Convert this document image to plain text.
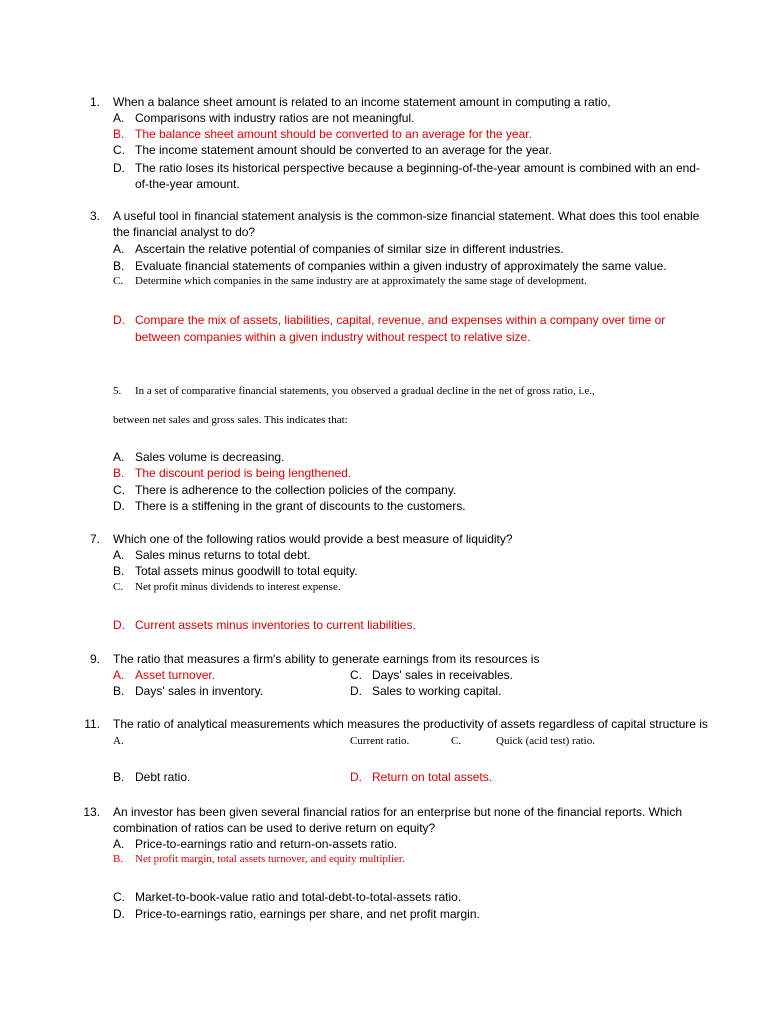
1. When a balance sheet amount is related to an income statement amount in computing a ratio,
A. Comparisons with industry ratios are not meaningful.
B. The balance sheet amount should be converted to an average for the year.
C. The income statement amount should be converted to an average for the year.
D. The ratio loses its historical perspective because a beginning-of-the-year amount is combined with an end-
of-the-year amount.
3. A useful tool in financial statement analysis is the common-size financial statement. What does this tool enable
the financial analyst to do?
A. Ascertain the relative potential of companies of similar size in different industries.
B. Evaluate financial statements of companies within a given industry of approximately the same value.
C. Determine which companies in the same industry are at approximately the same stage of development.
D. Compare the mix of assets, liabilities, capital, revenue, and expenses within a company over time or
between companies within a given industry without respect to relative size.
5. In a set of comparative financial statements, you observed a gradual decline in the net of gross ratio, i.e.,
between net sales and gross sales. This indicates that:
A. Sales volume is decreasing.
B. The discount period is being lengthened.
C. There is adherence to the collection policies of the company.
D. There is a stiffening in the grant of discounts to the customers.
7. Which one of the following ratios would provide a best measure of liquidity?
A. Sales minus returns to total debt.
B. Total assets minus goodwill to total equity.
C. Net profit minus dividends to interest expense.
D. Current assets minus inventories to current liabilities.
9. The ratio that measures a firm's ability to generate earnings from its resources is
A. Asset turnover.	C. Days' sales in receivables.
B. Days' sales in inventory.	D. Sales to working capital.
11. The ratio of analytical measurements which measures the productivity of assets regardless of capital structure is
A.	Current ratio.	C.	Quick (acid test) ratio.
B. Debt ratio.	D. Return on total assets.
13. An investor has been given several financial ratios for an enterprise but none of the financial reports. Which
combination of ratios can be used to derive return on equity?
A. Price-to-earnings ratio and return-on-assets ratio.
B. Net profit margin, total assets turnover, and equity multiplier.
C. Market-to-book-value ratio and total-debt-to-total-assets ratio.
D. Price-to-earnings ratio, earnings per share, and net profit margin.
